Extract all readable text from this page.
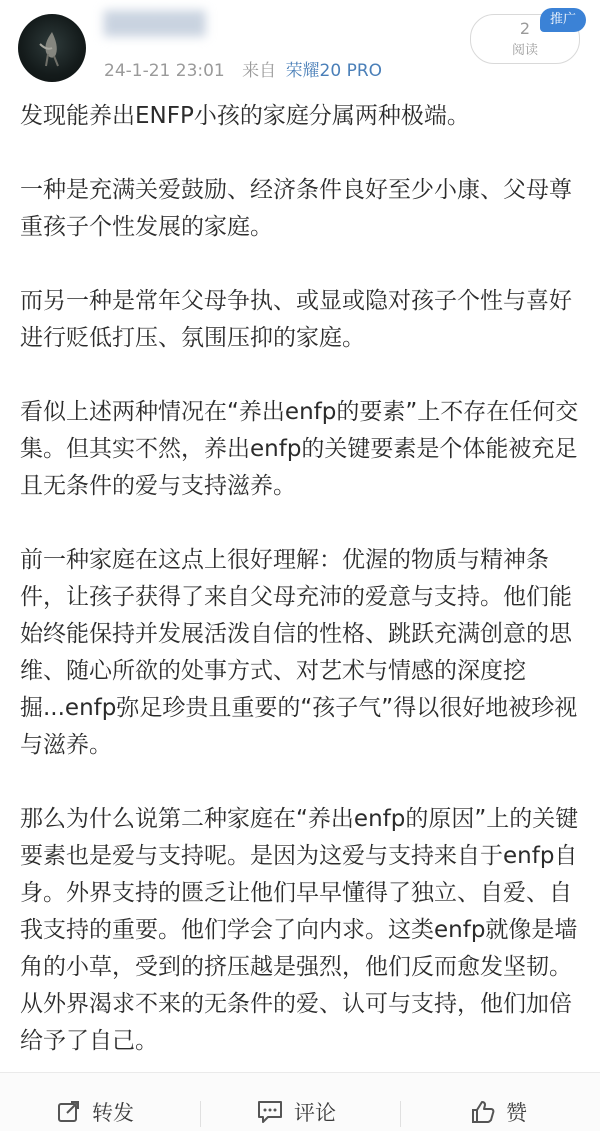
██████
24-1-21 23:01 来自 荣耀20 PRO
2
阅读
推广

发现能养出ENFP小孩的家庭分属两种极端。

一种是充满关爱鼓励、经济条件良好至少小康、父母尊重孩子个性发展的家庭。

而另一种是常年父母争执、或显或隐对孩子个性与喜好进行贬低打压、氛围压抑的家庭。

看似上述两种情况在“养出enfp的要素”上不存在任何交集。但其实不然，养出enfp的关键要素是个体能被充足且无条件的爱与支持滋养。

前一种家庭在这点上很好理解：优渥的物质与精神条件，让孩子获得了来自父母充沛的爱意与支持。他们能始终能保持并发展活泼自信的性格、跳跃充满创意的思维、随心所欲的处事方式、对艺术与情感的深度挖掘...enfp弥足珍贵且重要的“孩子气”得以很好地被珍视与滋养。

那么为什么说第二种家庭在“养出enfp的原因”上的关键要素也是爱与支持呢。是因为这爱与支持来自于enfp自身。外界支持的匮乏让他们早早懂得了独立、自爱、自我支持的重要。他们学会了向内求。这类enfp就像是墙角的小草，受到的挤压越是强烈，他们反而愈发坚韧。从外界渴求不来的无条件的爱、认可与支持，他们加倍给予了自己。

转发	评论	赞
